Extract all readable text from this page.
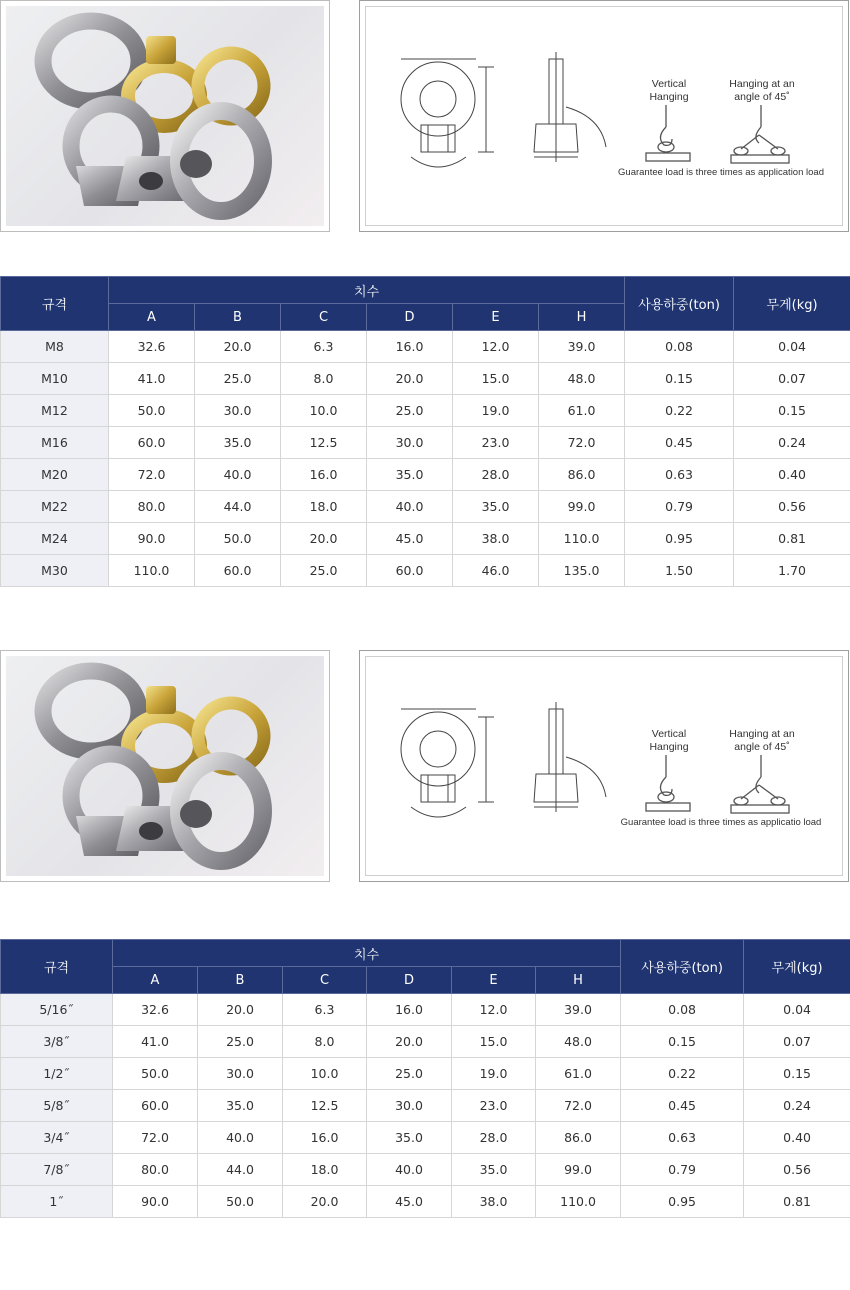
Vertical
Hanging
Hanging at an
angle of 45˚
Guarantee load is three times as application load
규격	치수						사용하중(ton)	무게(kg)
	A	B	C	D	E	H		
M8	32.6	20.0	6.3	16.0	12.0	39.0	0.08	0.04
M10	41.0	25.0	8.0	20.0	15.0	48.0	0.15	0.07
M12	50.0	30.0	10.0	25.0	19.0	61.0	0.22	0.15
M16	60.0	35.0	12.5	30.0	23.0	72.0	0.45	0.24
M20	72.0	40.0	16.0	35.0	28.0	86.0	0.63	0.40
M22	80.0	44.0	18.0	40.0	35.0	99.0	0.79	0.56
M24	90.0	50.0	20.0	45.0	38.0	110.0	0.95	0.81
M30	110.0	60.0	25.0	60.0	46.0	135.0	1.50	1.70
Vertical
Hanging
Hanging at an
angle of 45˚
Guarantee load is three times as applicatio load
규격	치수						사용하중(ton)	무게(kg)
	A	B	C	D	E	H		
5/16˝	32.6	20.0	6.3	16.0	12.0	39.0	0.08	0.04
3/8˝	41.0	25.0	8.0	20.0	15.0	48.0	0.15	0.07
1/2˝	50.0	30.0	10.0	25.0	19.0	61.0	0.22	0.15
5/8˝	60.0	35.0	12.5	30.0	23.0	72.0	0.45	0.24
3/4˝	72.0	40.0	16.0	35.0	28.0	86.0	0.63	0.40
7/8˝	80.0	44.0	18.0	40.0	35.0	99.0	0.79	0.56
1˝	90.0	50.0	20.0	45.0	38.0	110.0	0.95	0.81
